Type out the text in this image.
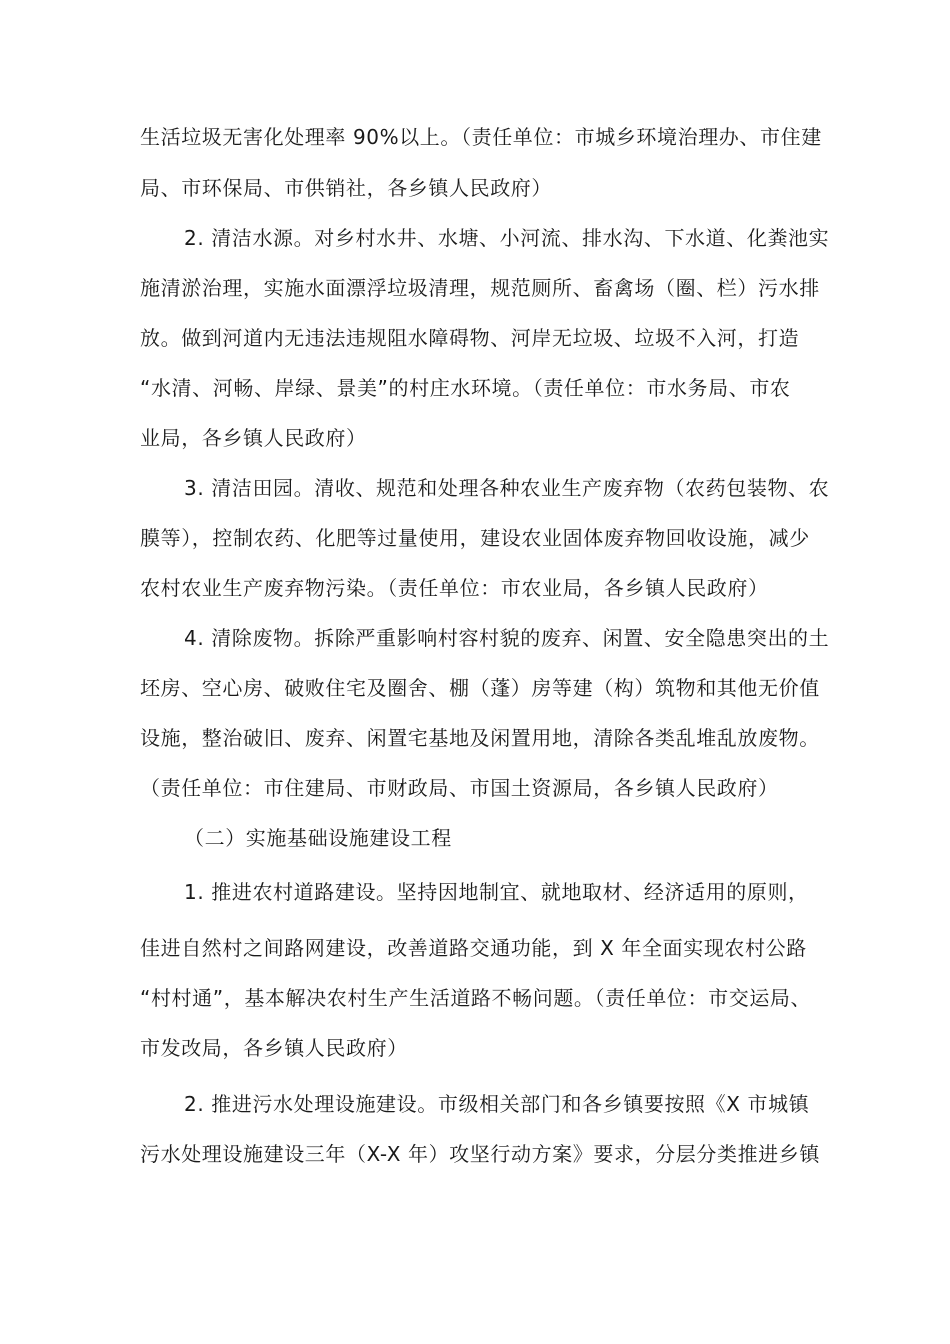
生活垃圾无害化处理率 90%以上。（责任单位：市城乡环境治理办、市住建
局、市环保局、市供销社，各乡镇人民政府）
2. 清洁水源。对乡村水井、水塘、小河流、排水沟、下水道、化粪池实
施清淤治理，实施水面漂浮垃圾清理，规范厕所、畜禽场（圈、栏）污水排
放。做到河道内无违法违规阻水障碍物、河岸无垃圾、垃圾不入河，打造
“水清、河畅、岸绿、景美”的村庄水环境。（责任单位：市水务局、市农
业局，各乡镇人民政府）
3. 清洁田园。清收、规范和处理各种农业生产废弃物（农药包装物、农
膜等），控制农药、化肥等过量使用，建设农业固体废弃物回收设施，减少
农村农业生产废弃物污染。（责任单位：市农业局，各乡镇人民政府）
4. 清除废物。拆除严重影响村容村貌的废弃、闲置、安全隐患突出的土
坯房、空心房、破败住宅及圈舍、棚（蓬）房等建（构）筑物和其他无价值
设施，整治破旧、废弃、闲置宅基地及闲置用地，清除各类乱堆乱放废物。
（责任单位：市住建局、市财政局、市国土资源局，各乡镇人民政府）
（二）实施基础设施建设工程
1. 推进农村道路建设。坚持因地制宜、就地取材、经济适用的原则，
佳进自然村之间路网建设，改善道路交通功能，到 X 年全面实现农村公路
“村村通”，基本解决农村生产生活道路不畅问题。（责任单位：市交运局、
市发改局，各乡镇人民政府）
2. 推进污水处理设施建设。市级相关部门和各乡镇要按照《X 市城镇
污水处理设施建设三年（X-X 年）攻坚行动方案》要求，分层分类推进乡镇
